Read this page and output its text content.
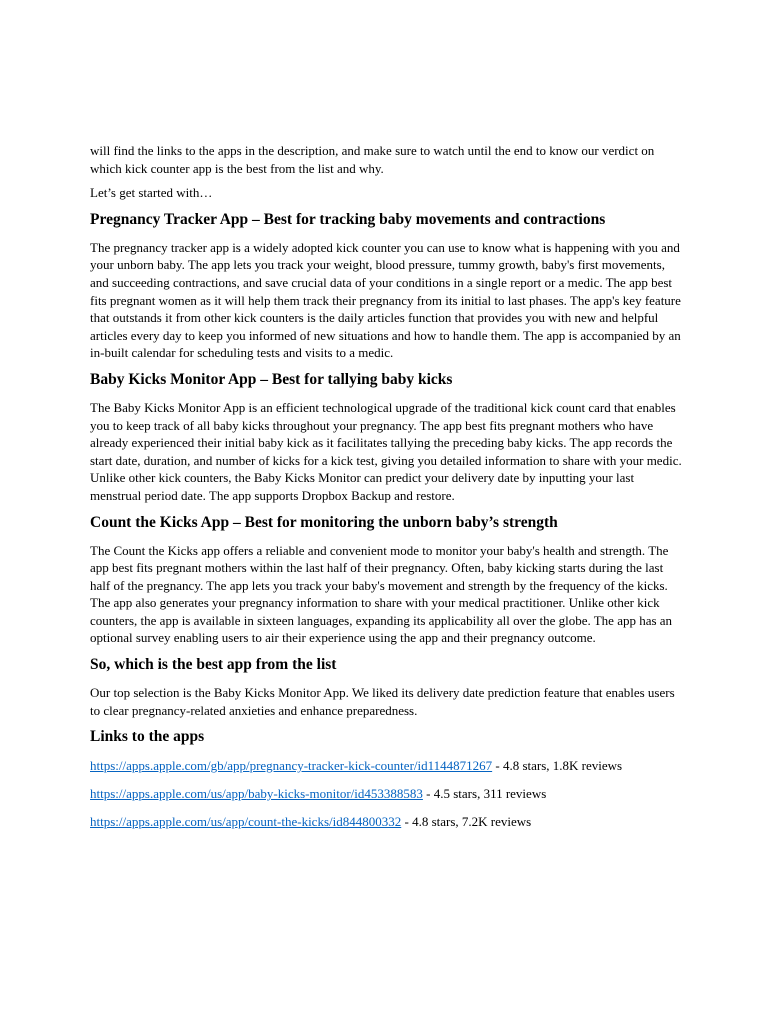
will find the links to the apps in the description, and make sure to watch until the end to know our verdict on which kick counter app is the best from the list and why.

Let’s get started with…

Pregnancy Tracker App – Best for tracking baby movements and contractions

The pregnancy tracker app is a widely adopted kick counter you can use to know what is happening with you and your unborn baby. The app lets you track your weight, blood pressure, tummy growth, baby's first movements, and succeeding contractions, and save crucial data of your conditions in a single report or a medic. The app best fits pregnant women as it will help them track their pregnancy from its initial to last phases. The app's key feature that outstands it from other kick counters is the daily articles function that provides you with new and helpful articles every day to keep you informed of new situations and how to handle them. The app is accompanied by an in-built calendar for scheduling tests and visits to a medic.

Baby Kicks Monitor App – Best for tallying baby kicks

The Baby Kicks Monitor App is an efficient technological upgrade of the traditional kick count card that enables you to keep track of all baby kicks throughout your pregnancy. The app best fits pregnant mothers who have already experienced their initial baby kick as it facilitates tallying the preceding baby kicks. The app records the start date, duration, and number of kicks for a kick test, giving you detailed information to share with your medic. Unlike other kick counters, the Baby Kicks Monitor can predict your delivery date by inputting your last menstrual period date. The app supports Dropbox Backup and restore.

Count the Kicks App – Best for monitoring the unborn baby’s strength

The Count the Kicks app offers a reliable and convenient mode to monitor your baby's health and strength. The app best fits pregnant mothers within the last half of their pregnancy. Often, baby kicking starts during the last half of the pregnancy. The app lets you track your baby's movement and strength by the frequency of the kicks. The app also generates your pregnancy information to share with your medical practitioner. Unlike other kick counters, the app is available in sixteen languages, expanding its applicability all over the globe. The app has an optional survey enabling users to air their experience using the app and their pregnancy outcome.

So, which is the best app from the list

Our top selection is the Baby Kicks Monitor App. We liked its delivery date prediction feature that enables users to clear pregnancy-related anxieties and enhance preparedness.

Links to the apps
https://apps.apple.com/gb/app/pregnancy-tracker-kick-counter/id1144871267 - 4.8 stars, 1.8K reviews
https://apps.apple.com/us/app/baby-kicks-monitor/id453388583 - 4.5 stars, 311 reviews
https://apps.apple.com/us/app/count-the-kicks/id844800332 - 4.8 stars, 7.2K reviews
